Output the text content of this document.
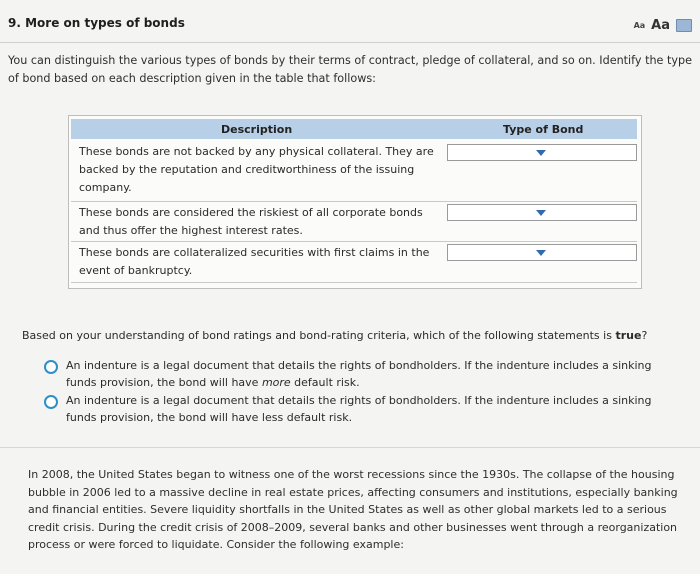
9. More on types of bonds	Aa Aa
You can distinguish the various types of bonds by their terms of contract, pledge of collateral, and so on. Identify the type of bond based on each description given in the table that follows:
Description	Type of Bond
These bonds are not backed by any physical collateral. They are backed by the reputation and creditworthiness of the issuing company.
These bonds are considered the riskiest of all corporate bonds and thus offer the highest interest rates.
These bonds are collateralized securities with first claims in the event of bankruptcy.
Based on your understanding of bond ratings and bond-rating criteria, which of the following statements is true?
An indenture is a legal document that details the rights of bondholders. If the indenture includes a sinking funds provision, the bond will have more default risk.
An indenture is a legal document that details the rights of bondholders. If the indenture includes a sinking funds provision, the bond will have less default risk.
In 2008, the United States began to witness one of the worst recessions since the 1930s. The collapse of the housing bubble in 2006 led to a massive decline in real estate prices, affecting consumers and institutions, especially banking and financial entities. Severe liquidity shortfalls in the United States as well as other global markets led to a serious credit crisis. During the credit crisis of 2008–2009, several banks and other businesses went through a reorganization process or were forced to liquidate. Consider the following example:
